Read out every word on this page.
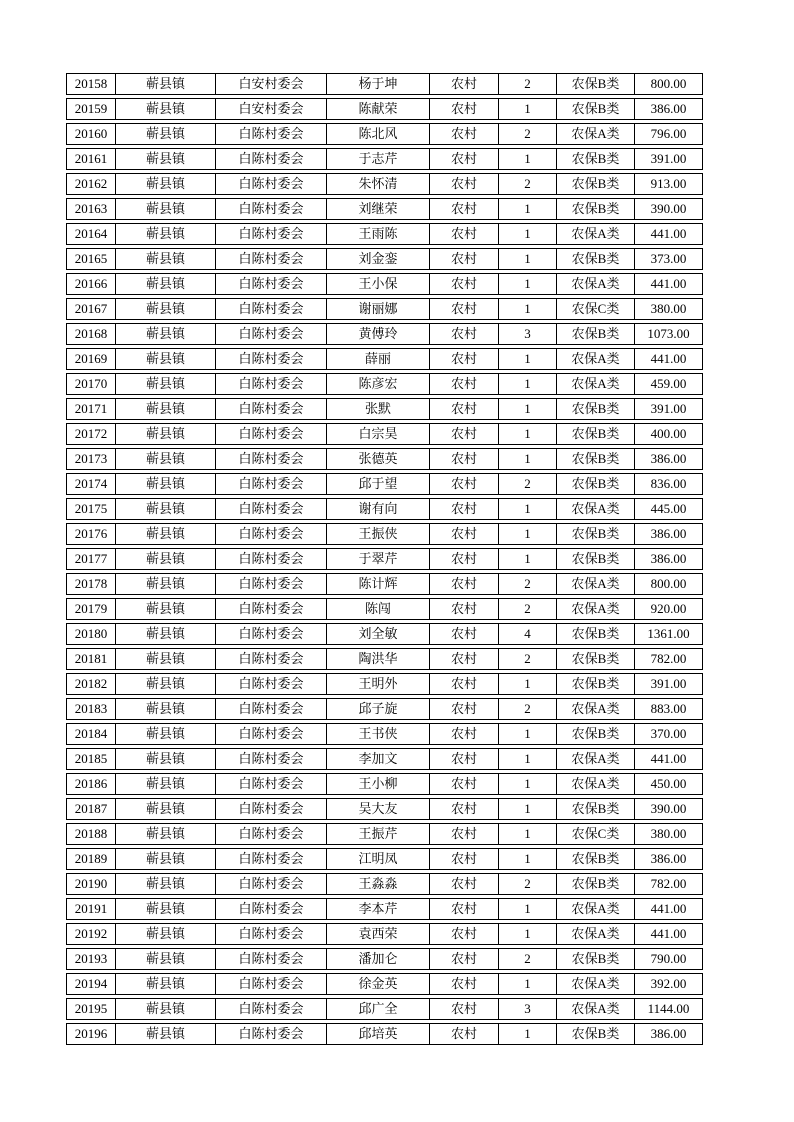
20158	蕲县镇	白安村委会	杨于坤	农村	2	农保B类	800.00
20159	蕲县镇	白安村委会	陈献荣	农村	1	农保B类	386.00
20160	蕲县镇	白陈村委会	陈北风	农村	2	农保A类	796.00
20161	蕲县镇	白陈村委会	于志芹	农村	1	农保B类	391.00
20162	蕲县镇	白陈村委会	朱怀清	农村	2	农保B类	913.00
20163	蕲县镇	白陈村委会	刘继荣	农村	1	农保B类	390.00
20164	蕲县镇	白陈村委会	王雨陈	农村	1	农保A类	441.00
20165	蕲县镇	白陈村委会	刘金銮	农村	1	农保B类	373.00
20166	蕲县镇	白陈村委会	王小保	农村	1	农保A类	441.00
20167	蕲县镇	白陈村委会	谢丽娜	农村	1	农保C类	380.00
20168	蕲县镇	白陈村委会	黄傅玲	农村	3	农保B类	1073.00
20169	蕲县镇	白陈村委会	薛丽	农村	1	农保A类	441.00
20170	蕲县镇	白陈村委会	陈彦宏	农村	1	农保A类	459.00
20171	蕲县镇	白陈村委会	张默	农村	1	农保B类	391.00
20172	蕲县镇	白陈村委会	白宗昊	农村	1	农保B类	400.00
20173	蕲县镇	白陈村委会	张德英	农村	1	农保B类	386.00
20174	蕲县镇	白陈村委会	邱于望	农村	2	农保B类	836.00
20175	蕲县镇	白陈村委会	谢有向	农村	1	农保A类	445.00
20176	蕲县镇	白陈村委会	王振侠	农村	1	农保B类	386.00
20177	蕲县镇	白陈村委会	于翠芹	农村	1	农保B类	386.00
20178	蕲县镇	白陈村委会	陈计辉	农村	2	农保A类	800.00
20179	蕲县镇	白陈村委会	陈闯	农村	2	农保A类	920.00
20180	蕲县镇	白陈村委会	刘全敏	农村	4	农保B类	1361.00
20181	蕲县镇	白陈村委会	陶洪华	农村	2	农保B类	782.00
20182	蕲县镇	白陈村委会	王明外	农村	1	农保B类	391.00
20183	蕲县镇	白陈村委会	邱子旋	农村	2	农保A类	883.00
20184	蕲县镇	白陈村委会	王书侠	农村	1	农保B类	370.00
20185	蕲县镇	白陈村委会	李加文	农村	1	农保A类	441.00
20186	蕲县镇	白陈村委会	王小柳	农村	1	农保A类	450.00
20187	蕲县镇	白陈村委会	吴大友	农村	1	农保B类	390.00
20188	蕲县镇	白陈村委会	王振芹	农村	1	农保C类	380.00
20189	蕲县镇	白陈村委会	江明凤	农村	1	农保B类	386.00
20190	蕲县镇	白陈村委会	王淼淼	农村	2	农保B类	782.00
20191	蕲县镇	白陈村委会	李本芹	农村	1	农保A类	441.00
20192	蕲县镇	白陈村委会	袁西荣	农村	1	农保A类	441.00
20193	蕲县镇	白陈村委会	潘加仑	农村	2	农保B类	790.00
20194	蕲县镇	白陈村委会	徐金英	农村	1	农保A类	392.00
20195	蕲县镇	白陈村委会	邱广全	农村	3	农保A类	1144.00
20196	蕲县镇	白陈村委会	邱培英	农村	1	农保B类	386.00
